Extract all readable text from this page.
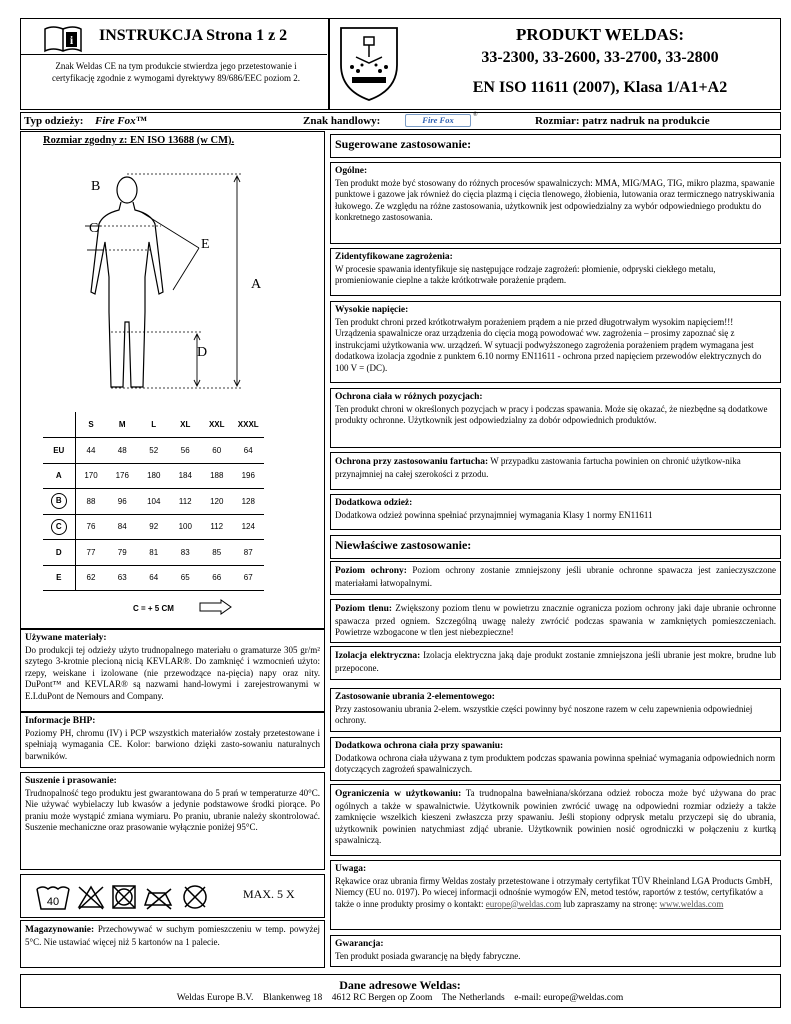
i INSTRUKCJA Strona 1 z 2
Znak Weldas CE na tym produkcie stwierdza jego przetestowanie i certyfikację zgodnie z wymogami dyrektywy 89/686/EEC poziom 2.
PRODUKT WELDAS:
33-2300, 33-2600, 33-2700, 33-2800
EN ISO 11611 (2007), Klasa 1/A1+A2
Typ odzieży: Fire Fox™	Znak handlowy:	Fire Fox	®	Rozmiar: patrz nadruk na produkcie
Rozmiar zgodny z: EN ISO 13688 (w CM).
B
C
E
A
D
	S	M	L	XL	XXL	XXXL
EU	44	48	52	56	60	64
A	170	176	180	184	188	196
B	88	96	104	112	120	128
C	76	84	92	100	112	124
D	77	79	81	83	85	87
E	62	63	64	65	66	67
C = + 5 CM
Używane materiały:
Do produkcji tej odzieży użyto trudnopalnego materiału o gramaturze 305 gr/m² szytego 3-krotnie plecioną nicią KEVLAR®. Do zamknięć i wzmocnień użyto: rzepy, weiskane i izolowane (nie przewodzące na-pięcia) napy oraz nity. DuPont™ and KEVLAR® są nazwami hand-lowymi i zarejestrowanymi w E.I.duPont de Nemours and Company.
Informacje BHP:
Poziomy PH, chromu (IV) i PCP wszystkich materiałów zostały przetestowane i spełniają wymagania CE. Kolor: barwiono dzięki zasto-sowaniu naturalnych barwników.
Suszenie i prasowanie:
Trudnopalność tego produktu jest gwarantowana do 5 prań w temperaturze 40°C. Nie używać wybielaczy lub kwasów a jedynie podstawowe środki piorące. Po praniu może wystąpić zmiana wymiaru. Po praniu, ubranie należy skontrolować. Suszenie mechaniczne oraz prasowanie wyłącznie poniżej 95°C.
40
MAX. 5 X
Magazynowanie: Przechowywać w suchym pomieszczeniu w temp. powyżej 5°C. Nie ustawiać więcej niż 5 kartonów na 1 palecie.
Sugerowane zastosowanie:
Ogólne:
Ten produkt może być stosowany do różnych procesów spawalniczych: MMA, MIG/MAG, TIG, mikro plazma, spawanie punktowe i gazowe jak również do cięcia plazmą i cięcia tlenowego, żłobienia, lutowania oraz termicznego natryskiwania łukowego. Ze względu na różne zastosowania, użytkownik jest odpowiedzialny za wybór odpowiedniego produktu do konkretnego zastosowania.
Zidentyfikowane zagrożenia:
W procesie spawania identyfikuje się następujące rodzaje zagrożeń: płomienie, odpryski ciekłego metalu, promieniowanie cieplne a także krótkotrwałe porażenie prądem.
Wysokie napięcie:
Ten produkt chroni przed krótkotrwałym porażeniem prądem a nie przed długotrwałym wysokim napięciem!!! Urządzenia spawalnicze oraz urządzenia do cięcia mogą powodować ww. zagrożenia – prosimy zapoznać się z instrukcjami użytkowania ww. urządzeń. W sytuacji podwyższonego zagrożenia porażeniem prądem wymagana jest dodatkowa izolacja zgodnie z punktem 6.10 normy EN11611 - ochrona przed napięciem przewodów elektrycznych do 100 V = (DC).
Ochrona ciała w różnych pozycjach:
Ten produkt chroni w określonych pozycjach w pracy i podczas spawania. Może się okazać, że niezbędne są dodatkowe produkty ochronne. Użytkownik jest odpowiedzialny za dobór odpowiednich produktów.
Ochrona przy zastosowaniu fartucha: W przypadku zastowania fartucha powinien on chronić użytkow-nika przynajmniej na całej szerokości z przodu.
Dodatkowa odzież:
Dodatkowa odzież powinna spełniać przynajmniej wymagania Klasy 1 normy EN11611
Niewłaściwe zastosowanie:
Poziom ochrony: Poziom ochrony zostanie zmniejszony jeśli ubranie ochronne spawacza jest zanieczyszczone materiałami łatwopalnymi.
Poziom tlenu: Zwiększony poziom tlenu w powietrzu znacznie ogranicza poziom ochrony jaki daje ubranie ochronne spawacza przed ogniem. Szczególną uwagę należy zwrócić podczas spawania w zamkniętych pomieszczeniach. Powietrze wzbogacone w tlen jest niebezpieczne!
Izolacja elektryczna: Izolacja elektryczna jaką daje produkt zostanie zmniejszona jeśli ubranie jest mokre, brudne lub przepocone.
Zastosowanie ubrania 2-elementowego:
Przy zastosowaniu ubrania 2-elem. wszystkie części powinny być noszone razem w celu zapewnienia odpowiedniej ochrony.
Dodatkowa ochrona ciała przy spawaniu:
Dodatkowa ochrona ciała używana z tym produktem podczas spawania powinna spełniać wymagania odpowiednich norm dotyczących zagrożeń spawalniczych.
Ograniczenia w użytkowaniu: Ta trudnopalna bawełniana/skórzana odzież robocza może być używana do prac ogólnych a także w spawalnictwie. Użytkownik powinien zwrócić uwagę na odpowiedni rozmiar odzieży a także zamknięcie wszelkich kieszeni zwłaszcza przy spawaniu. Jeśli stopiony odprysk metalu przyczepi się do ubrania, użytkownik powinien natychmiast zdjąć ubranie. Użytkownik powinien nosić ogrodniczki w połączeniu z kurtką spawalniczą.
Uwaga:
Rękawice oraz ubrania firmy Weldas zostały przetestowane i otrzymały certyfikat TÜV Rheinland LGA Products GmbH, Niemcy (EU no. 0197). Po wiecej informacji odnośnie wymogów EN, metod testów, raportów z testów, certyfikatów a także o inne produkty prosimy o kontakt: europe@weldas.com lub zapraszamy na stronę: www.weldas.com
Gwarancja:
Ten produkt posiada gwarancję na błędy fabryczne.
Dane adresowe Weldas:
Weldas Europe B.V.    Blankenweg 18    4612 RC Bergen op Zoom    The Netherlands    e-mail: europe@weldas.com
